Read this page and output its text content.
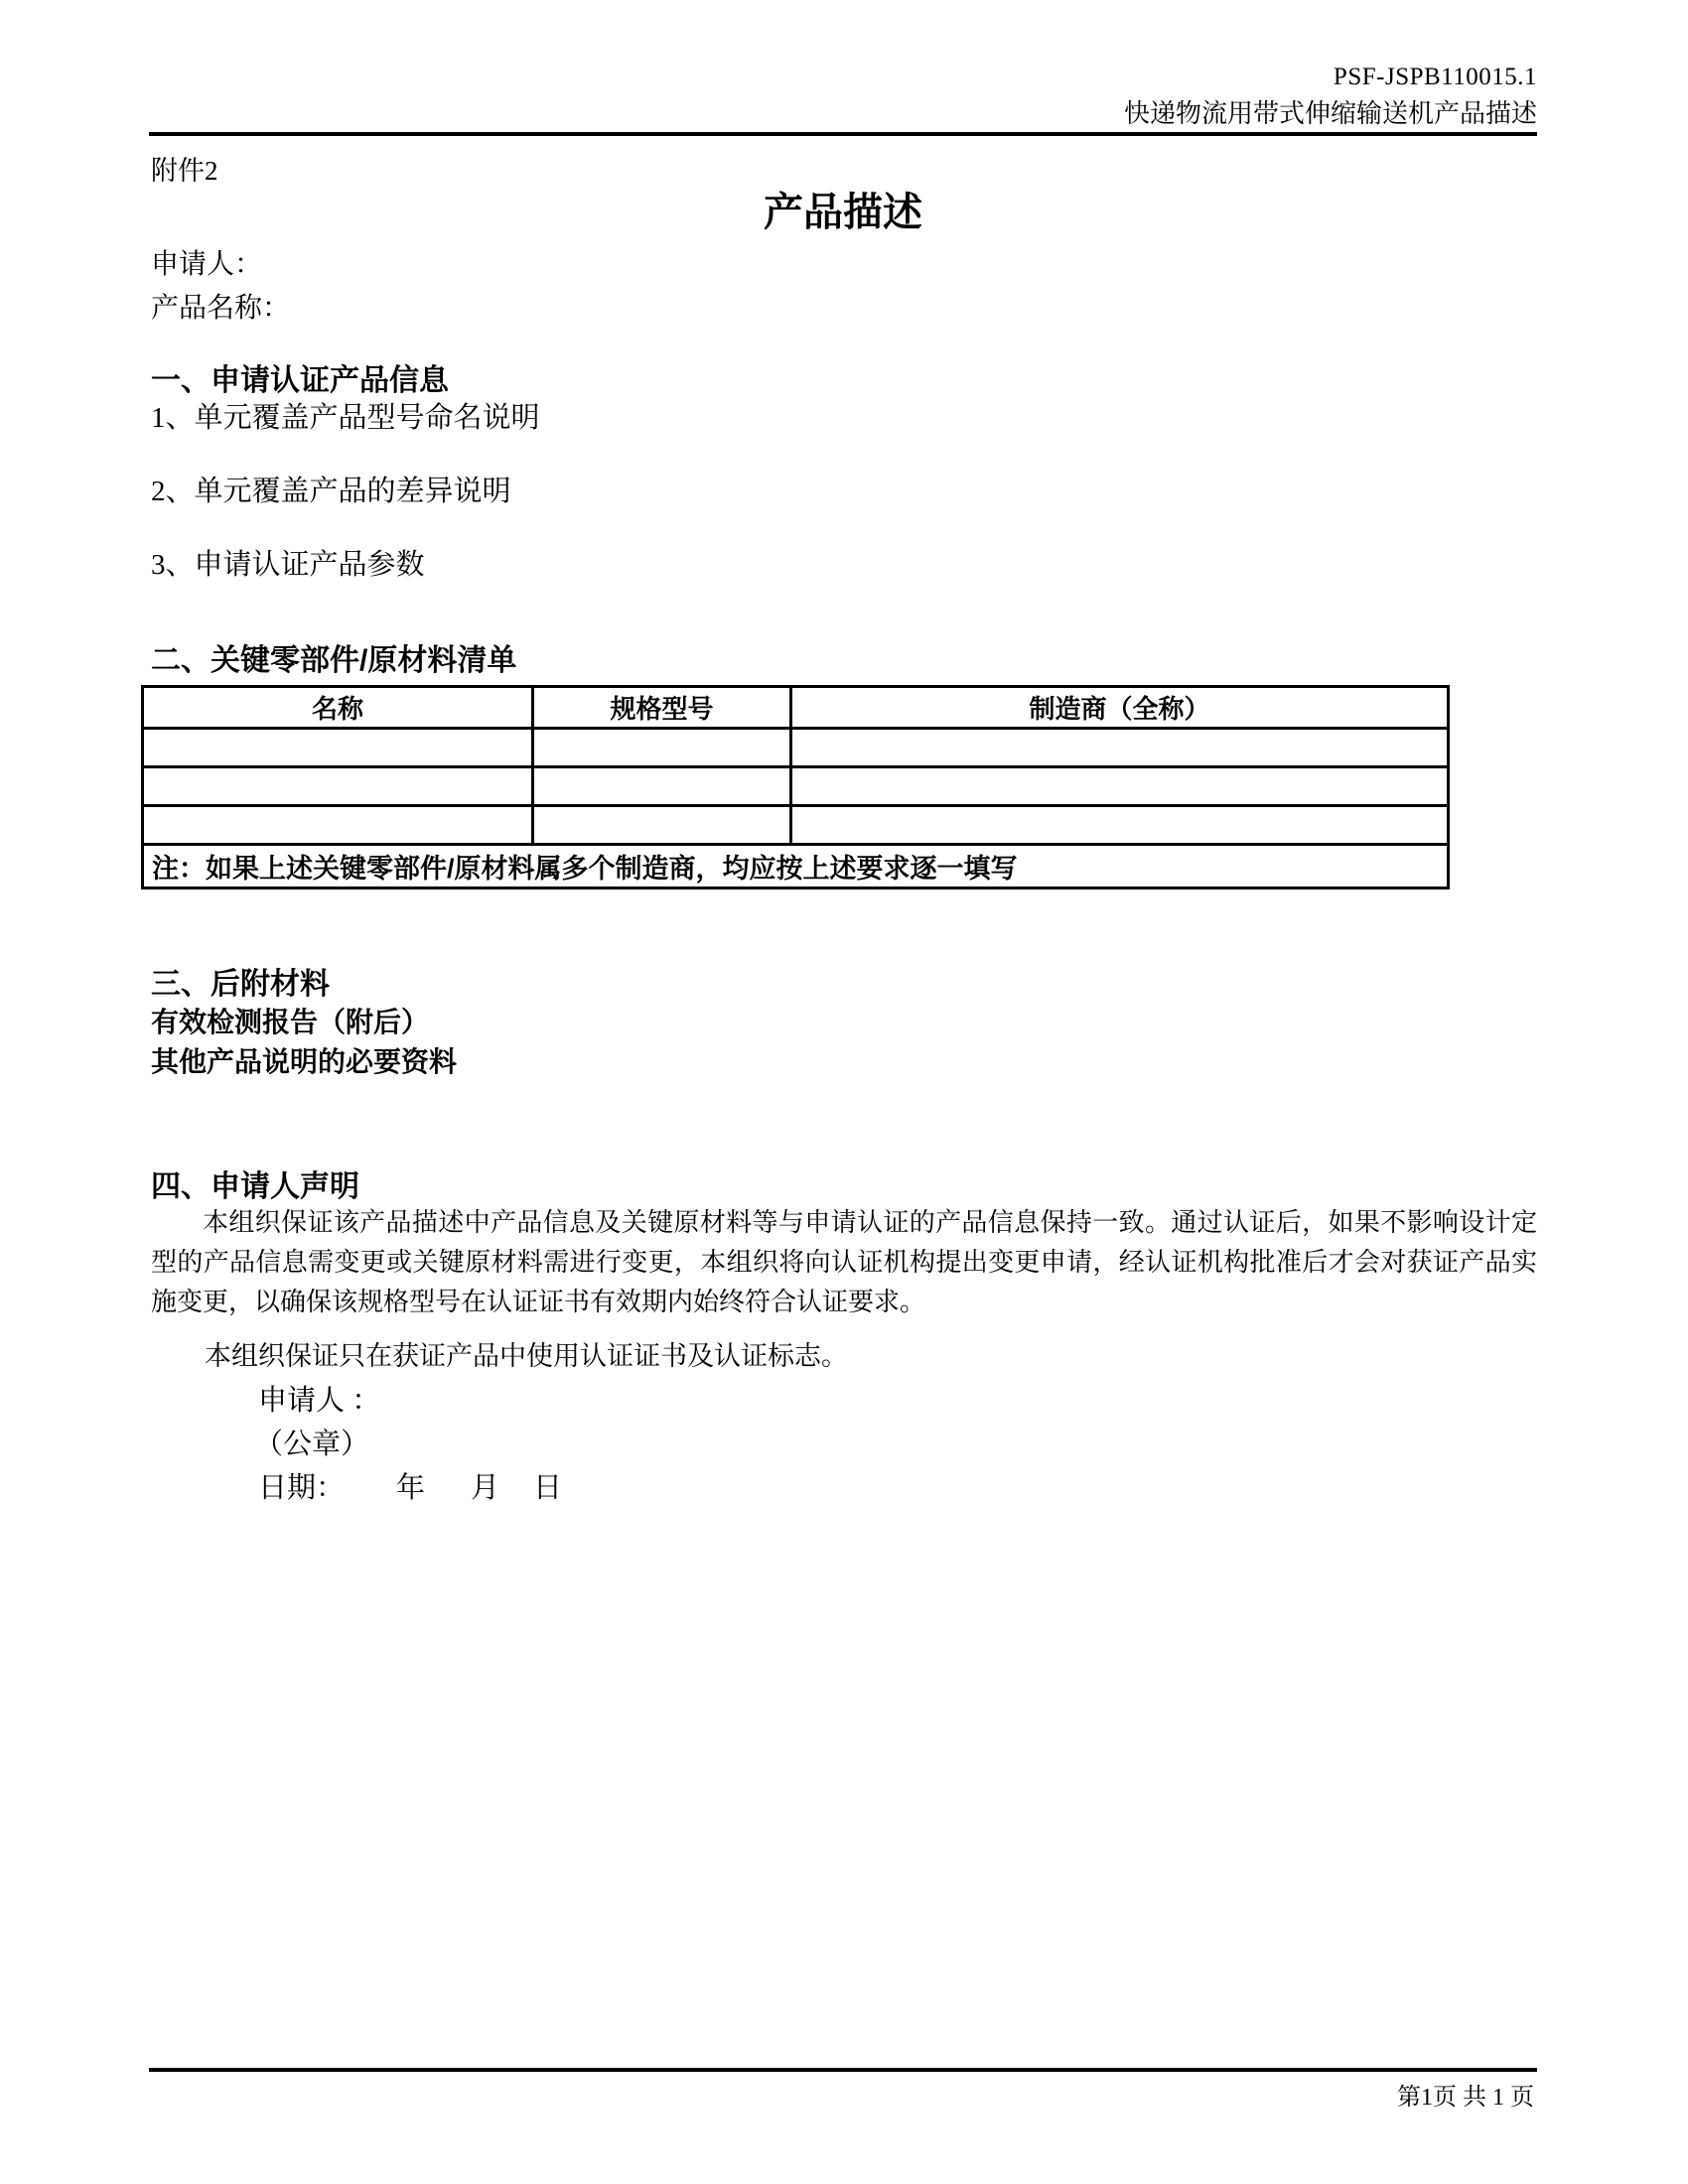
PSF-JSPB110015.1
快递物流用带式伸缩输送机产品描述
附件2
产品描述
申请人：
产品名称：
一、申请认证产品信息
1、单元覆盖产品型号命名说明
2、单元覆盖产品的差异说明
3、申请认证产品参数
二、关键零部件/原材料清单
名称	规格型号	制造商（全称）

注：如果上述关键零部件/原材料属多个制造商，均应按上述要求逐一填写		
三、后附材料
有效检测报告（附后）
其他产品说明的必要资料
四、申请人声明
本组织保证该产品描述中产品信息及关键原材料等与申请认证的产品信息保持一致。通过认证后，如果不影响设计定型的产品信息需变更或关键原材料需进行变更，本组织将向认证机构提出变更申请，经认证机构批准后才会对获证产品实施变更，以确保该规格型号在认证证书有效期内始终符合认证要求。
本组织保证只在获证产品中使用认证证书及认证标志。
申请人 ：
（公章）
日期： 年 月 日
第1页 共 1 页
